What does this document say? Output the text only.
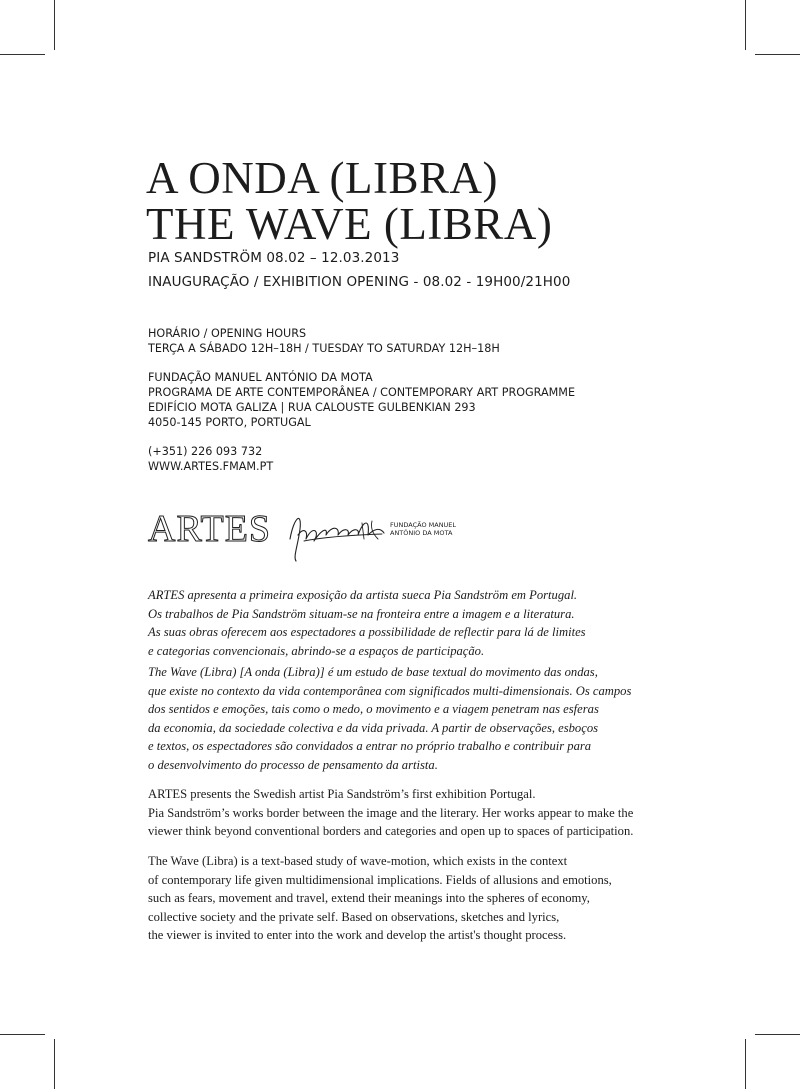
A ONDA (LIBRA)
THE WAVE (LIBRA)
PIA SANDSTRÖM 08.02 – 12.03.2013
INAUGURAÇÃO / EXHIBITION OPENING - 08.02 - 19H00/21H00
HORÁRIO / OPENING HOURS
TERÇA A SÁBADO 12H–18H / TUESDAY TO SATURDAY 12H–18H
FUNDAÇÃO MANUEL ANTÓNIO DA MOTA
PROGRAMA DE ARTE CONTEMPORÂNEA / CONTEMPORARY ART PROGRAMME
EDIFÍCIO MOTA GALIZA | RUA CALOUSTE GULBENKIAN 293
4050-145 PORTO, PORTUGAL
(+351) 226 093 732
WWW.ARTES.FMAM.PT
ARTES	FUNDAÇÃO MANUEL
ANTÓNIO DA MOTA
ARTES apresenta a primeira exposição da artista sueca Pia Sandström em Portugal.
Os trabalhos de Pia Sandström situam-se na fronteira entre a imagem e a literatura.
As suas obras oferecem aos espectadores a possibilidade de reflectir para lá de limites
e categorias convencionais, abrindo-se a espaços de participação.
The Wave (Libra) [A onda (Libra)] é um estudo de base textual do movimento das ondas,
que existe no contexto da vida contemporânea com significados multi-dimensionais. Os campos
dos sentidos e emoções, tais como o medo, o movimento e a viagem penetram nas esferas
da economia, da sociedade colectiva e da vida privada. A partir de observações, esboços
e textos, os espectadores são convidados a entrar no próprio trabalho e contribuir para
o desenvolvimento do processo de pensamento da artista.
ARTES presents the Swedish artist Pia Sandström’s first exhibition Portugal.
Pia Sandström’s works border between the image and the literary. Her works appear to make the
viewer think beyond conventional borders and categories and open up to spaces of participation.
The Wave (Libra) is a text-based study of wave-motion, which exists in the context
of contemporary life given multidimensional implications. Fields of allusions and emotions,
such as fears, movement and travel, extend their meanings into the spheres of economy,
collective society and the private self. Based on observations, sketches and lyrics,
the viewer is invited to enter into the work and develop the artist's thought process.
